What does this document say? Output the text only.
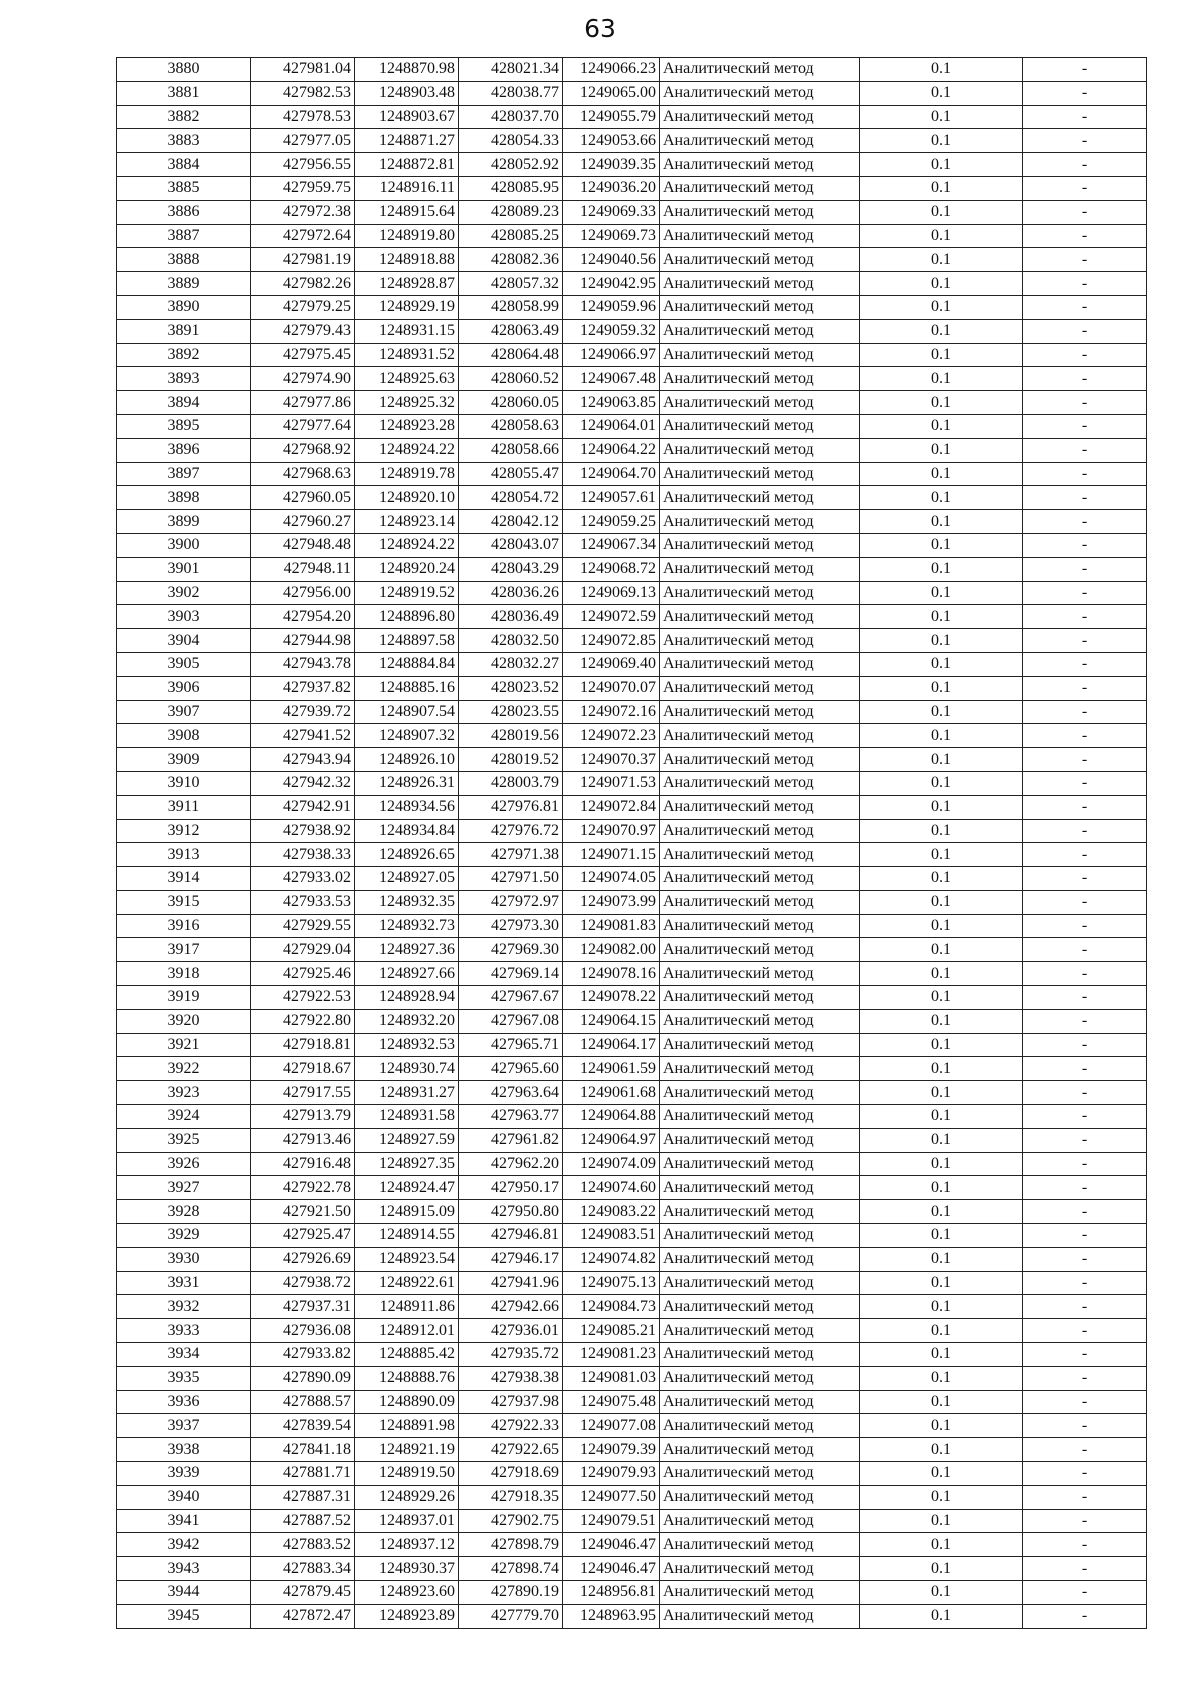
63
3880	427981.04	1248870.98	428021.34	1249066.23	Аналитический метод	0.1	-
3881	427982.53	1248903.48	428038.77	1249065.00	Аналитический метод	0.1	-
3882	427978.53	1248903.67	428037.70	1249055.79	Аналитический метод	0.1	-
3883	427977.05	1248871.27	428054.33	1249053.66	Аналитический метод	0.1	-
3884	427956.55	1248872.81	428052.92	1249039.35	Аналитический метод	0.1	-
3885	427959.75	1248916.11	428085.95	1249036.20	Аналитический метод	0.1	-
3886	427972.38	1248915.64	428089.23	1249069.33	Аналитический метод	0.1	-
3887	427972.64	1248919.80	428085.25	1249069.73	Аналитический метод	0.1	-
3888	427981.19	1248918.88	428082.36	1249040.56	Аналитический метод	0.1	-
3889	427982.26	1248928.87	428057.32	1249042.95	Аналитический метод	0.1	-
3890	427979.25	1248929.19	428058.99	1249059.96	Аналитический метод	0.1	-
3891	427979.43	1248931.15	428063.49	1249059.32	Аналитический метод	0.1	-
3892	427975.45	1248931.52	428064.48	1249066.97	Аналитический метод	0.1	-
3893	427974.90	1248925.63	428060.52	1249067.48	Аналитический метод	0.1	-
3894	427977.86	1248925.32	428060.05	1249063.85	Аналитический метод	0.1	-
3895	427977.64	1248923.28	428058.63	1249064.01	Аналитический метод	0.1	-
3896	427968.92	1248924.22	428058.66	1249064.22	Аналитический метод	0.1	-
3897	427968.63	1248919.78	428055.47	1249064.70	Аналитический метод	0.1	-
3898	427960.05	1248920.10	428054.72	1249057.61	Аналитический метод	0.1	-
3899	427960.27	1248923.14	428042.12	1249059.25	Аналитический метод	0.1	-
3900	427948.48	1248924.22	428043.07	1249067.34	Аналитический метод	0.1	-
3901	427948.11	1248920.24	428043.29	1249068.72	Аналитический метод	0.1	-
3902	427956.00	1248919.52	428036.26	1249069.13	Аналитический метод	0.1	-
3903	427954.20	1248896.80	428036.49	1249072.59	Аналитический метод	0.1	-
3904	427944.98	1248897.58	428032.50	1249072.85	Аналитический метод	0.1	-
3905	427943.78	1248884.84	428032.27	1249069.40	Аналитический метод	0.1	-
3906	427937.82	1248885.16	428023.52	1249070.07	Аналитический метод	0.1	-
3907	427939.72	1248907.54	428023.55	1249072.16	Аналитический метод	0.1	-
3908	427941.52	1248907.32	428019.56	1249072.23	Аналитический метод	0.1	-
3909	427943.94	1248926.10	428019.52	1249070.37	Аналитический метод	0.1	-
3910	427942.32	1248926.31	428003.79	1249071.53	Аналитический метод	0.1	-
3911	427942.91	1248934.56	427976.81	1249072.84	Аналитический метод	0.1	-
3912	427938.92	1248934.84	427976.72	1249070.97	Аналитический метод	0.1	-
3913	427938.33	1248926.65	427971.38	1249071.15	Аналитический метод	0.1	-
3914	427933.02	1248927.05	427971.50	1249074.05	Аналитический метод	0.1	-
3915	427933.53	1248932.35	427972.97	1249073.99	Аналитический метод	0.1	-
3916	427929.55	1248932.73	427973.30	1249081.83	Аналитический метод	0.1	-
3917	427929.04	1248927.36	427969.30	1249082.00	Аналитический метод	0.1	-
3918	427925.46	1248927.66	427969.14	1249078.16	Аналитический метод	0.1	-
3919	427922.53	1248928.94	427967.67	1249078.22	Аналитический метод	0.1	-
3920	427922.80	1248932.20	427967.08	1249064.15	Аналитический метод	0.1	-
3921	427918.81	1248932.53	427965.71	1249064.17	Аналитический метод	0.1	-
3922	427918.67	1248930.74	427965.60	1249061.59	Аналитический метод	0.1	-
3923	427917.55	1248931.27	427963.64	1249061.68	Аналитический метод	0.1	-
3924	427913.79	1248931.58	427963.77	1249064.88	Аналитический метод	0.1	-
3925	427913.46	1248927.59	427961.82	1249064.97	Аналитический метод	0.1	-
3926	427916.48	1248927.35	427962.20	1249074.09	Аналитический метод	0.1	-
3927	427922.78	1248924.47	427950.17	1249074.60	Аналитический метод	0.1	-
3928	427921.50	1248915.09	427950.80	1249083.22	Аналитический метод	0.1	-
3929	427925.47	1248914.55	427946.81	1249083.51	Аналитический метод	0.1	-
3930	427926.69	1248923.54	427946.17	1249074.82	Аналитический метод	0.1	-
3931	427938.72	1248922.61	427941.96	1249075.13	Аналитический метод	0.1	-
3932	427937.31	1248911.86	427942.66	1249084.73	Аналитический метод	0.1	-
3933	427936.08	1248912.01	427936.01	1249085.21	Аналитический метод	0.1	-
3934	427933.82	1248885.42	427935.72	1249081.23	Аналитический метод	0.1	-
3935	427890.09	1248888.76	427938.38	1249081.03	Аналитический метод	0.1	-
3936	427888.57	1248890.09	427937.98	1249075.48	Аналитический метод	0.1	-
3937	427839.54	1248891.98	427922.33	1249077.08	Аналитический метод	0.1	-
3938	427841.18	1248921.19	427922.65	1249079.39	Аналитический метод	0.1	-
3939	427881.71	1248919.50	427918.69	1249079.93	Аналитический метод	0.1	-
3940	427887.31	1248929.26	427918.35	1249077.50	Аналитический метод	0.1	-
3941	427887.52	1248937.01	427902.75	1249079.51	Аналитический метод	0.1	-
3942	427883.52	1248937.12	427898.79	1249046.47	Аналитический метод	0.1	-
3943	427883.34	1248930.37	427898.74	1249046.47	Аналитический метод	0.1	-
3944	427879.45	1248923.60	427890.19	1248956.81	Аналитический метод	0.1	-
3945	427872.47	1248923.89	427779.70	1248963.95	Аналитический метод	0.1	-
